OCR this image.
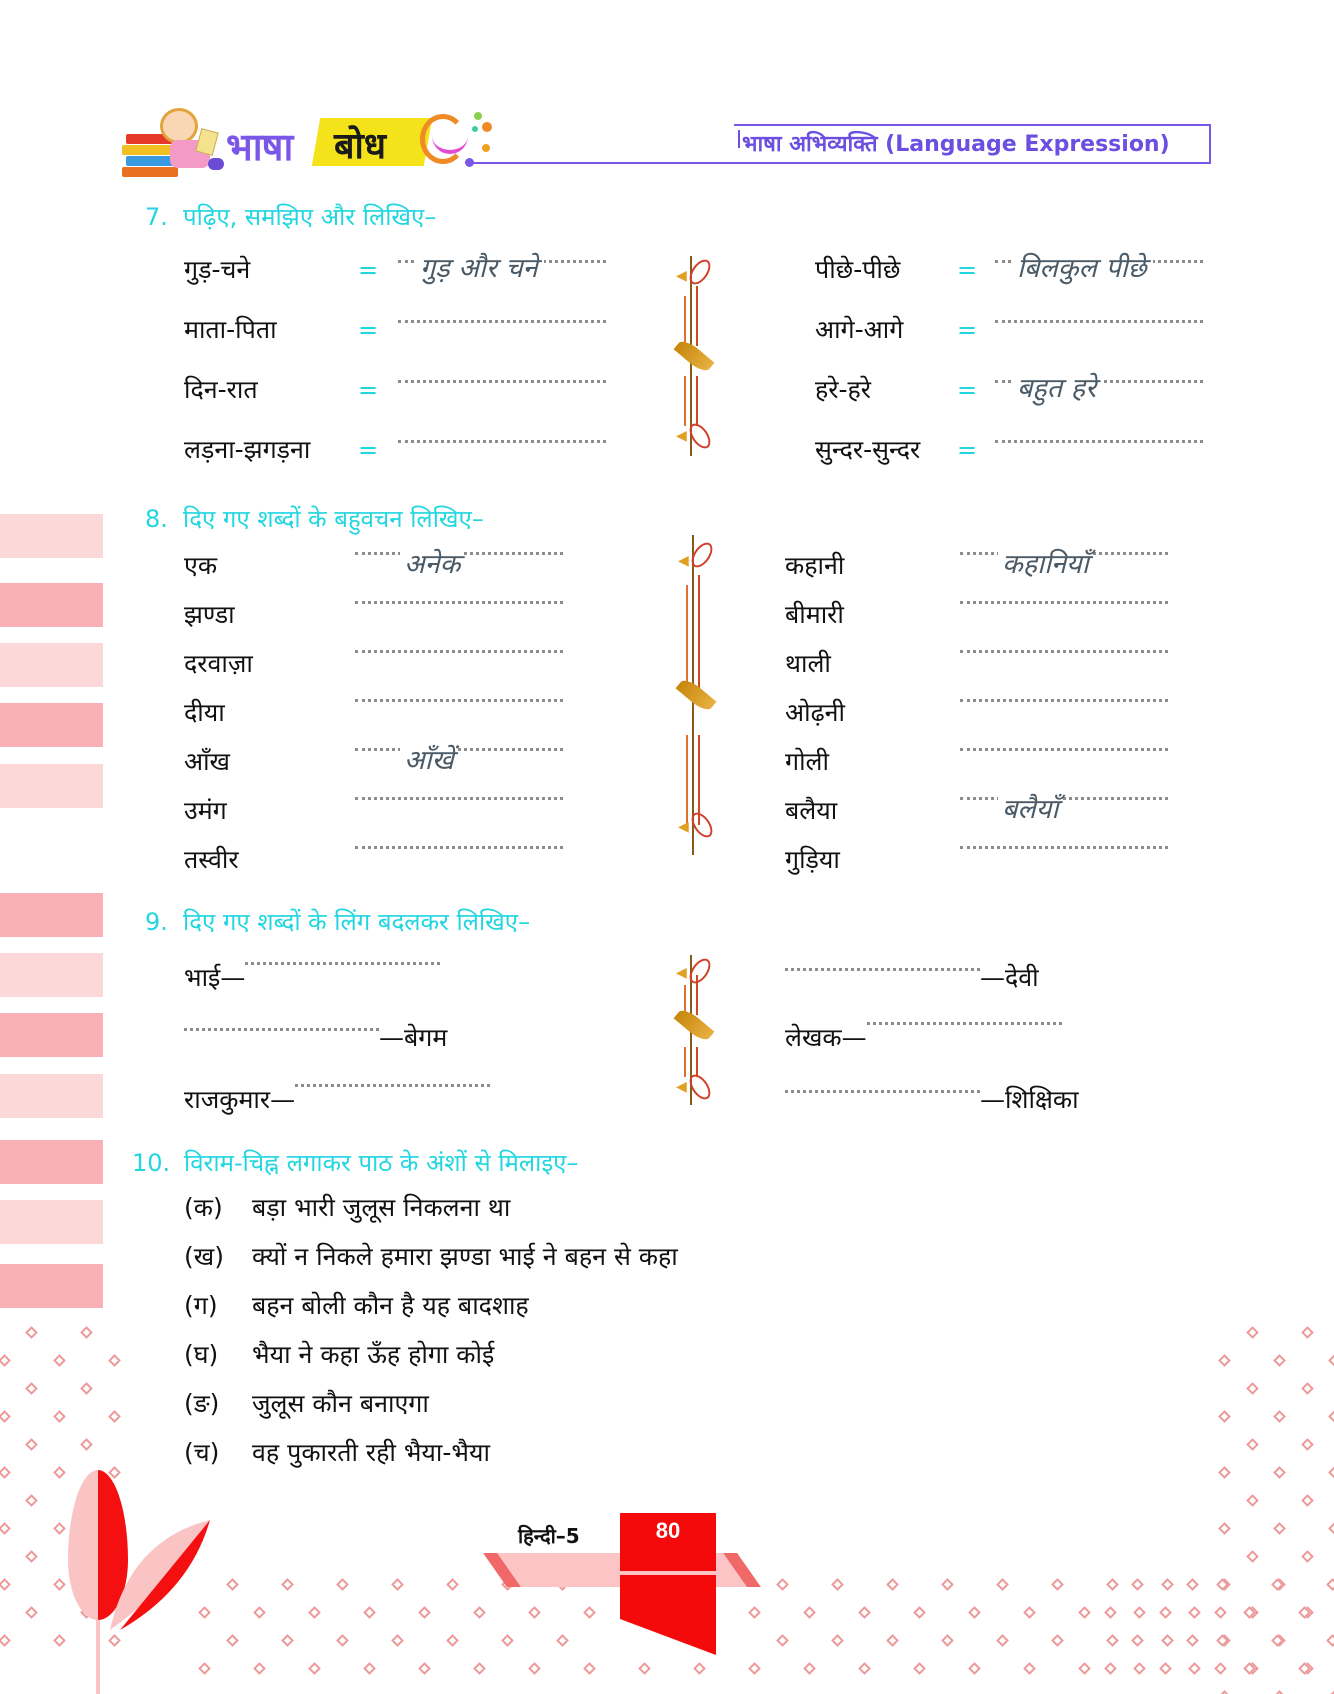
भाषा बोध	भाषा अभिव्यक्ति (Language Expression)
7. पढ़िए, समझिए और लिखिए–
गुड़-चने	= गुड़ और चने
माता-पिता	=
दिन-रात	=
लड़ना-झगड़ना =
पीछे-पीछे = बिलकुल पीछे
आगे-आगे =
हरे-हरे	= बहुत हरे
सुन्दर-सुन्दर =
◀
◀
8. दिए गए शब्दों के बहुवचन लिखिए–
एक	अनेक
झण्डा
दरवाज़ा
दीया
आँख	आँखें
उमंग
तस्वीर
कहानी	कहानियाँ
बीमारी
थाली
ओढ़नी
गोली
बलैया	बलैयाँ
गुड़िया
◀
◀
9. दिए गए शब्दों के लिंग बदलकर लिखिए–
भाई—
—बेगम
राजकुमार—
—देवी
लेखक—
—शिक्षिका
◀
◀
10. विराम-चिह्न लगाकर पाठ के अंशों से मिलाइए–
(क) बड़ा भारी जुलूस निकलना था
(ख) क्यों न निकले हमारा झण्डा भाई ने बहन से कहा
(ग) बहन बोली कौन है यह बादशाह
(घ) भैया ने कहा ऊँह होगा कोई
(ङ) जुलूस कौन बनाएगा
(च) वह पुकारती रही भैया-भैया
हिन्दी–5	80
